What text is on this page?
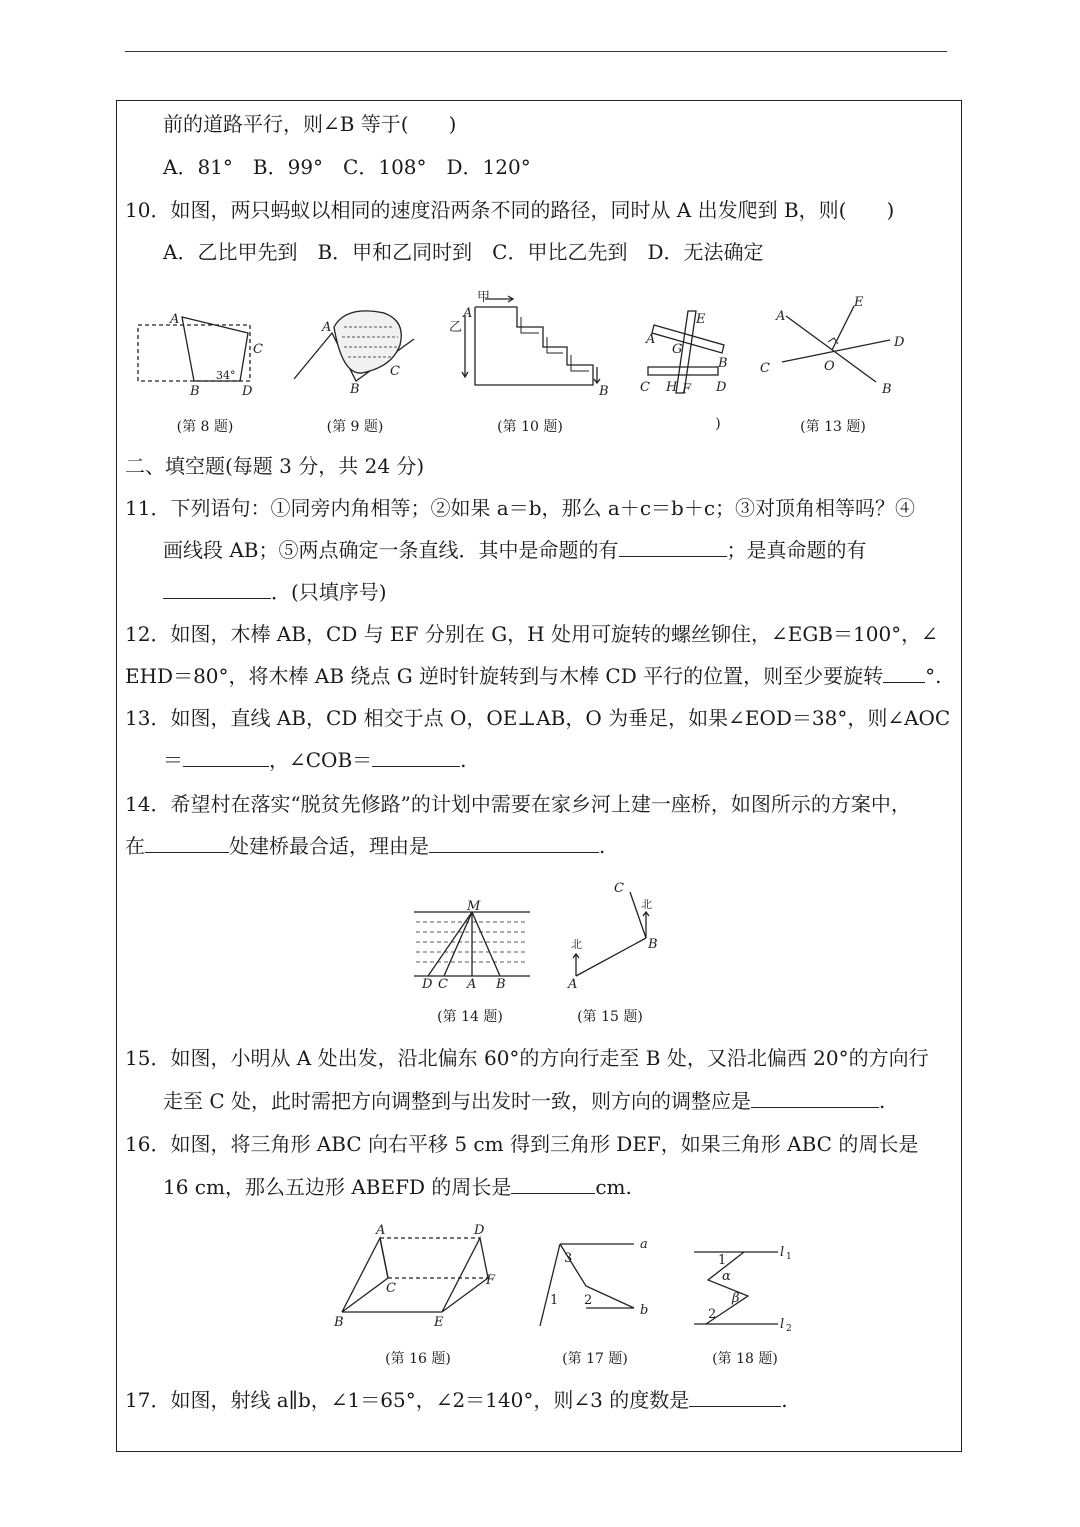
前的道路平行，则∠B 等于(　　)
A．81°　B．99°　C．108°　D．120°
10．如图，两只蚂蚁以相同的速度沿两条不同的路径，同时从 A 出发爬到 B，则(　　)
A．乙比甲先到　B．甲和乙同时到　C．甲比乙先到　D．无法确定
A
C
B	D
34°
(第 8 题)
A
B
C
(第 9 题)
甲
乙
A
B
(第 10 题)
A
B
C	D
E
F
G
H
)
A
B
C
D
E
O
(第 13 题)
二、填空题(每题 3 分，共 24 分)
11．下列语句：①同旁内角相等；②如果 a＝b，那么 a＋c＝b＋c；③对顶角相等吗？④
画线段 AB；⑤两点确定一条直线．其中是命题的有	；是真命题的有
．(只填序号)
12．如图，木棒 AB，CD 与 EF 分别在 G，H 处用可旋转的螺丝铆住，∠EGB＝100°，∠
EHD＝80°，将木棒 AB 绕点 G 逆时针旋转到与木棒 CD 平行的位置，则至少要旋转 °.
13．如图，直线 AB，CD 相交于点 O，OE⊥AB，O 为垂足，如果∠EOD＝38°，则∠AOC
＝	，∠COB＝	.
14．希望村在落实“脱贫先修路”的计划中需要在家乡河上建一座桥，如图所示的方案中，
在	处建桥最合适，理由是	.
M
D C A B
(第 14 题)
A
B
C
北
北
(第 15 题)
15．如图，小明从 A 处出发，沿北偏东 60°的方向行走至 B 处，又沿北偏西 20°的方向行
走至 C 处，此时需把方向调整到与出发时一致，则方向的调整应是	.
16．如图，将三角形 ABC 向右平移 5 cm 得到三角形 DEF，如果三角形 ABC 的周长是
16 cm，那么五边形 ABEFD 的周长是	cm.
A
B
C
D
E
F
(第 16 题)
a
b
1 2
3
(第 17 题)
l 1
l 2
1
2
α
β
(第 18 题)
17．如图，射线 a∥b，∠1＝65°，∠2＝140°，则∠3 的度数是	.
